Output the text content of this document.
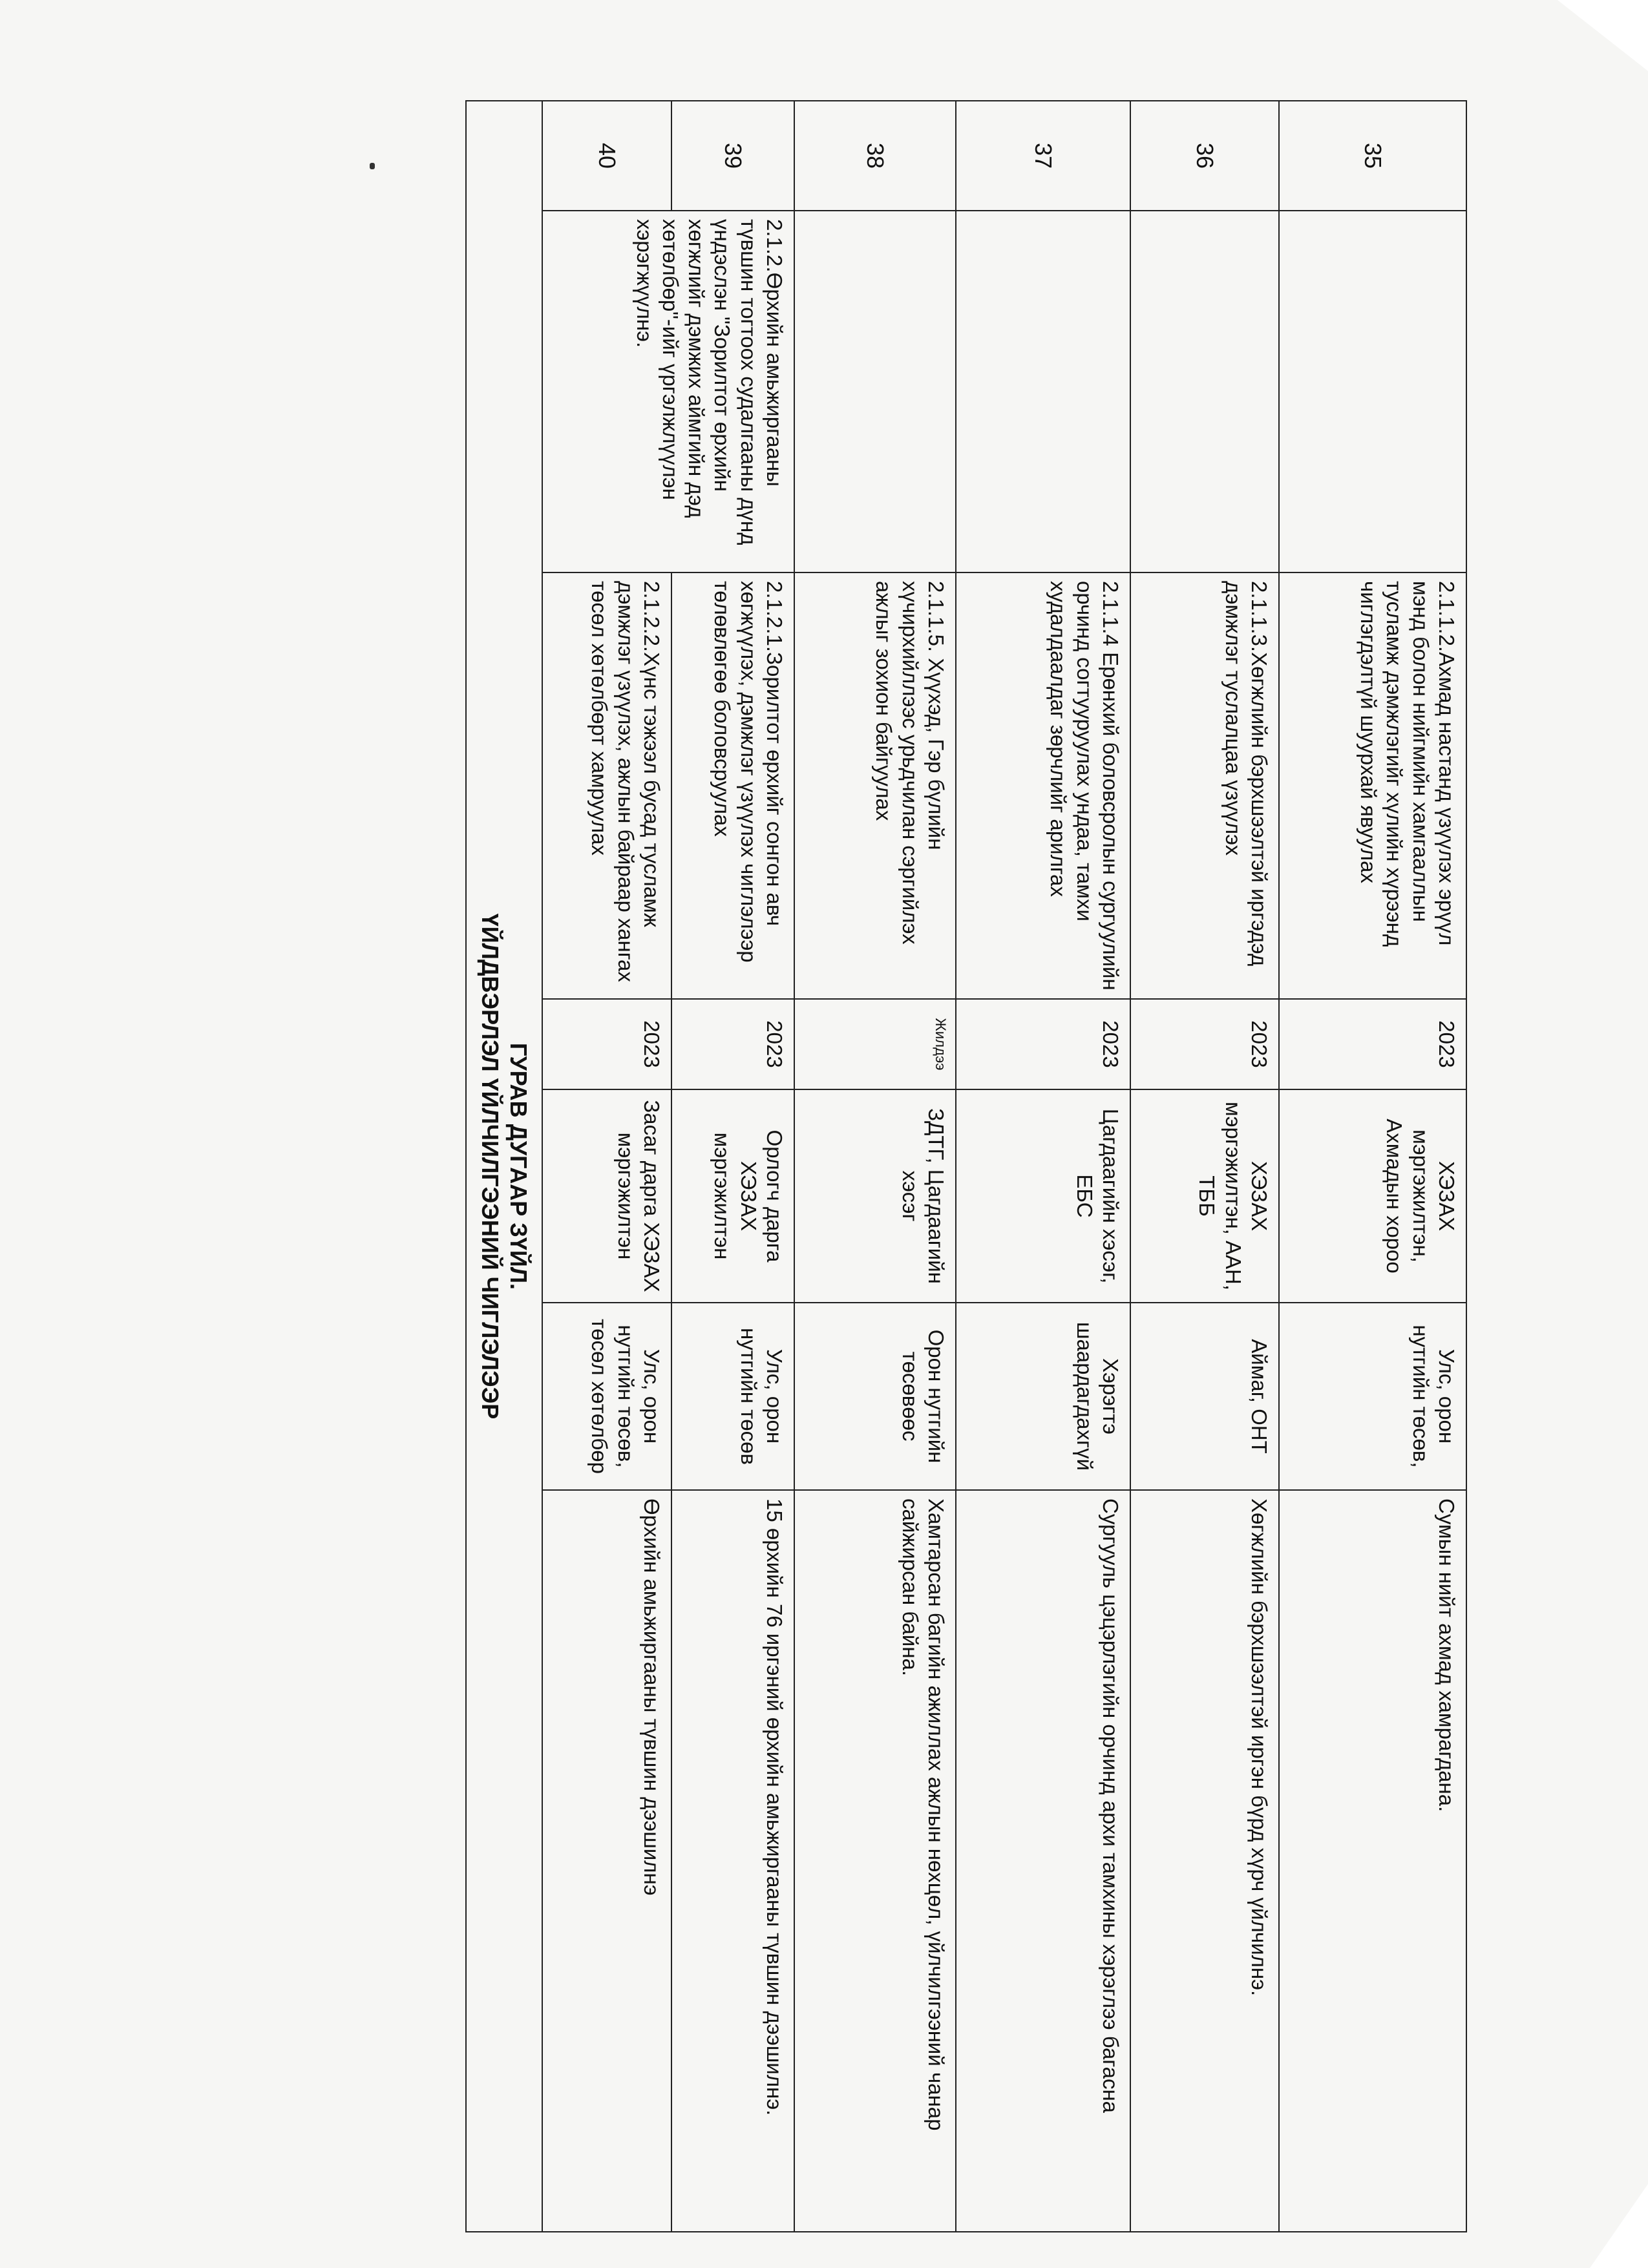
35		2.1.1.2.Ахмад настанд үзүүлэх эрүүл мэнд болон нийгмийн хамгааллын тусламж дэмжлэгийг хүлийн хүрээнд чиглэгдэлтүй шуурхай явуулах	2023	ХЭЗАХ мэргэжилтэн, Ахмадын хороо	Улс, орон нутгийн төсөв,	Сумын нийт ахмад хамрагдана.
36		2.1.1.3.Хөгжлийн бэрхшээлтэй иргэдэд дэмжлэг туслалцаа үзүүлэх	2023	ХЭЗАХ мэргэжилтэн, ААН, ТББ	Аймаг, ОНТ	Хөгжлийн бэрхшээлтэй иргэн бүрд хүрч үйлчилнэ.
37		2.1.1.4 Ерөнхий боловсролын сургуулийн орчинд согтууруулах ундаа, тамхи худалдаалдаг зөрчлийг арилгах	2023	Цагдаагийн хэсэг, ЕБС	Хэрэгтэ шаардагдахгүй	Сургууль цэцэрлэгийн орчинд архи тамхины хэрэглээ багасна
38		2.1.1.5. Хүүхэд, Гэр бүлийн хүчирхийллээс урьдчилан сэргийлэх ажлыг зохион байгуулах	Жилдээ	ЗДТГ, Цагдаагийн хэсэг	Орон нутгийн төсөвөөс	Хамтарсан багийн ажиллах ажлын нөхцөл, үйлчилгээний чанар сайжирсан байна.
39	2.1.2.Өрхийн амьжиргааны түвшин тогтоох судалгааны дүнд үндэслэн "Зорилтот өрхийн хөгжлийг дэмжих аймгийн дэд хөтөлбөр"-ийг үргэлжлүүлэн хэрэгжүүлнэ.	2.1.2.1.Зорилтот өрхийг сонгон авч хөгжүүлэх, дэмжлэг үзүүлэх чиглэлээр төлөвлөгөө боловсруулах	2023	Орлогч дарга ХЭЗАХ мэргэжилтэн	Улс, орон нутгийн төсөв	15 өрхийн 76 иргэний өрхийн амьжиргааны түвшин дээшилнэ.
40		2.1.2.2.Хүнс тэжээл бусад тусламж дэмжлэг үзүүлэх, ажлын байраар хангах төсөл хөтөлбөрт хамруулах	2023	Засаг дарга ХЭЗАХ мэргэжилтэн	Улс, орон нутгийн төсөв, төсөл хөтөлбөр	Өрхийн амьжиргааны түвшин дээшилнэ

ГУРАВ ДУГААР ЗҮЙЛ.
ҮЙЛДВЭРЛЭЛ ҮЙЛЧИЛГЭЭНИЙ ЧИГЛЭЛЭЭР						
